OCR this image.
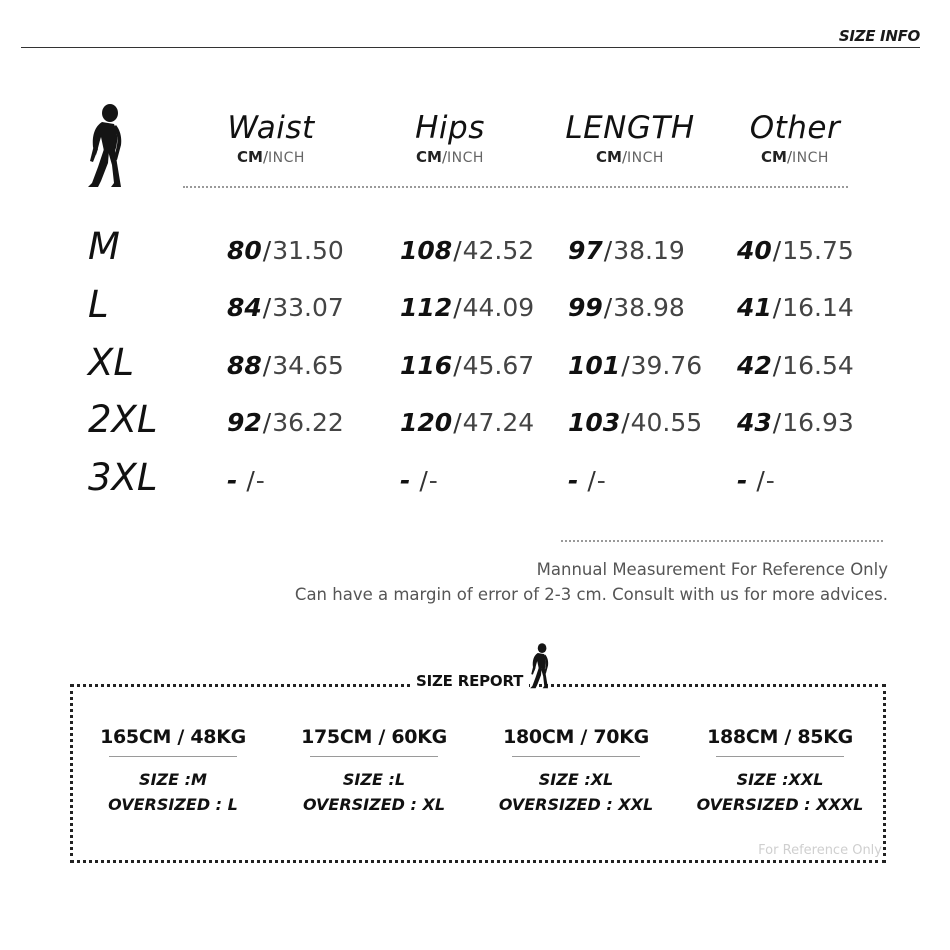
SIZE INFO
Waist
CM/INCH
Hips
CM/INCH
LENGTH
CM/INCH
Other
CM/INCH
M	80/31.50 108/42.52 97/38.19 40/15.75
L	84/33.07 112/44.09 99/38.98 41/16.14
XL	88/34.65 116/45.67 101/39.76 42/16.54
2XL	92/36.22 120/47.24 103/40.55 43/16.93
3XL	- /-	- /-	- /-	- /-
Mannual Measurement For Reference Only
Can have a margin of error of 2-3 cm. Consult with us for more advices.
SIZE REPORT
165CM / 48KG
SIZE :M
OVERSIZED : L
175CM / 60KG
SIZE :L
OVERSIZED : XL
180CM / 70KG
SIZE :XL
OVERSIZED : XXL
188CM / 85KG
SIZE :XXL
OVERSIZED : XXXL
For Reference Only
